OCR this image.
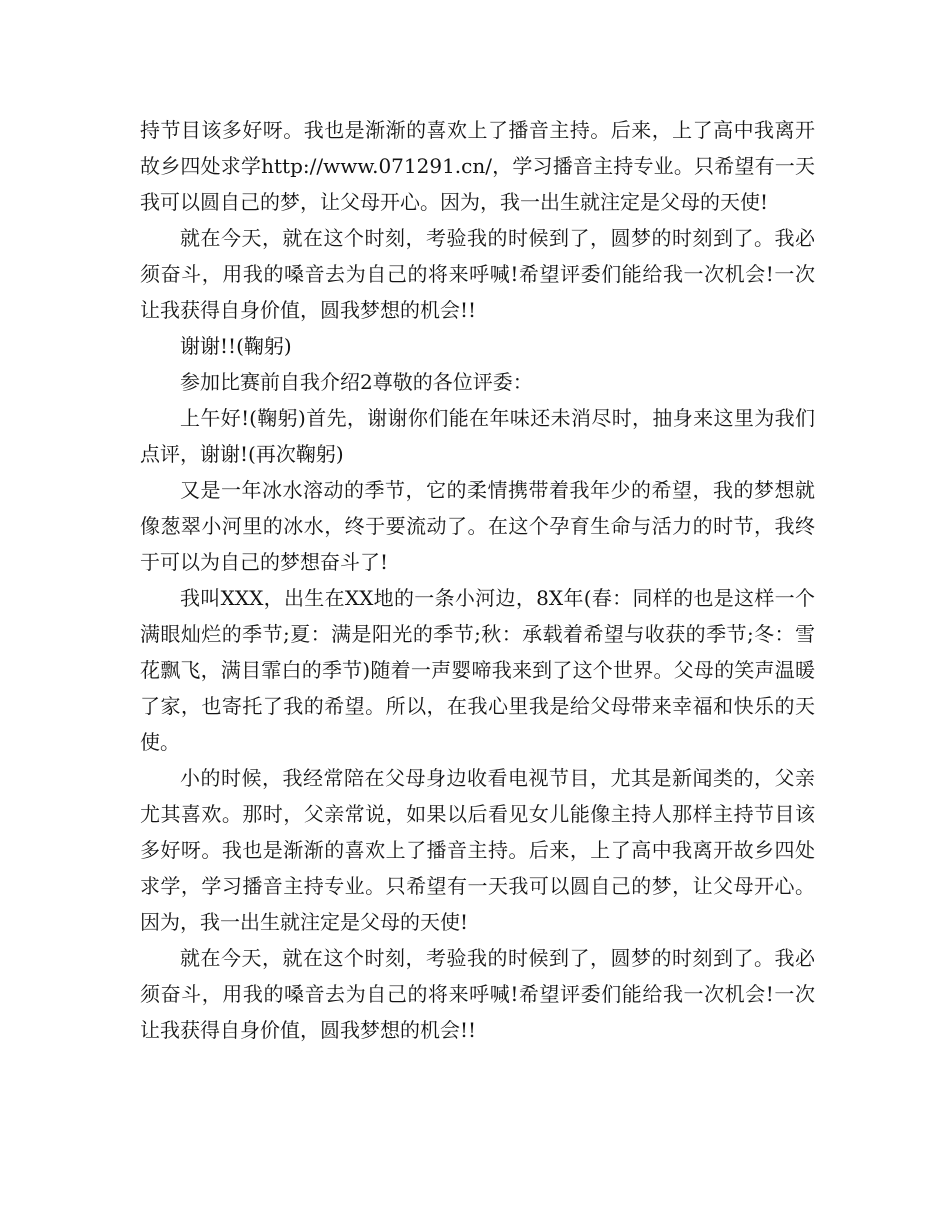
持节目该多好呀。我也是渐渐的喜欢上了播音主持。后来，上了高中我离开故乡四处求学http://www.071291.cn/，学习播音主持专业。只希望有一天我可以圆自己的梦，让父母开心。因为，我一出生就注定是父母的天使!

就在今天，就在这个时刻，考验我的时候到了，圆梦的时刻到了。我必须奋斗，用我的嗓音去为自己的将来呼喊!希望评委们能给我一次机会!一次让我获得自身价值，圆我梦想的机会!!

谢谢!!(鞠躬)

参加比赛前自我介绍2尊敬的各位评委：

上午好!(鞠躬)首先，谢谢你们能在年味还未消尽时，抽身来这里为我们点评，谢谢!(再次鞠躬)

又是一年冰水溶动的季节，它的柔情携带着我年少的希望，我的梦想就像葱翠小河里的冰水，终于要流动了。在这个孕育生命与活力的时节，我终于可以为自己的梦想奋斗了!

我叫XXX，出生在XX地的一条小河边，8X年(春：同样的也是这样一个满眼灿烂的季节;夏：满是阳光的季节;秋：承载着希望与收获的季节;冬：雪花飘飞，满目霏白的季节)随着一声婴啼我来到了这个世界。父母的笑声温暖了家，也寄托了我的希望。所以，在我心里我是给父母带来幸福和快乐的天使。

小的时候，我经常陪在父母身边收看电视节目，尤其是新闻类的，父亲尤其喜欢。那时，父亲常说，如果以后看见女儿能像主持人那样主持节目该多好呀。我也是渐渐的喜欢上了播音主持。后来，上了高中我离开故乡四处求学，学习播音主持专业。只希望有一天我可以圆自己的梦，让父母开心。因为，我一出生就注定是父母的天使!

就在今天，就在这个时刻，考验我的时候到了，圆梦的时刻到了。我必须奋斗，用我的嗓音去为自己的将来呼喊!希望评委们能给我一次机会!一次让我获得自身价值，圆我梦想的机会!!
